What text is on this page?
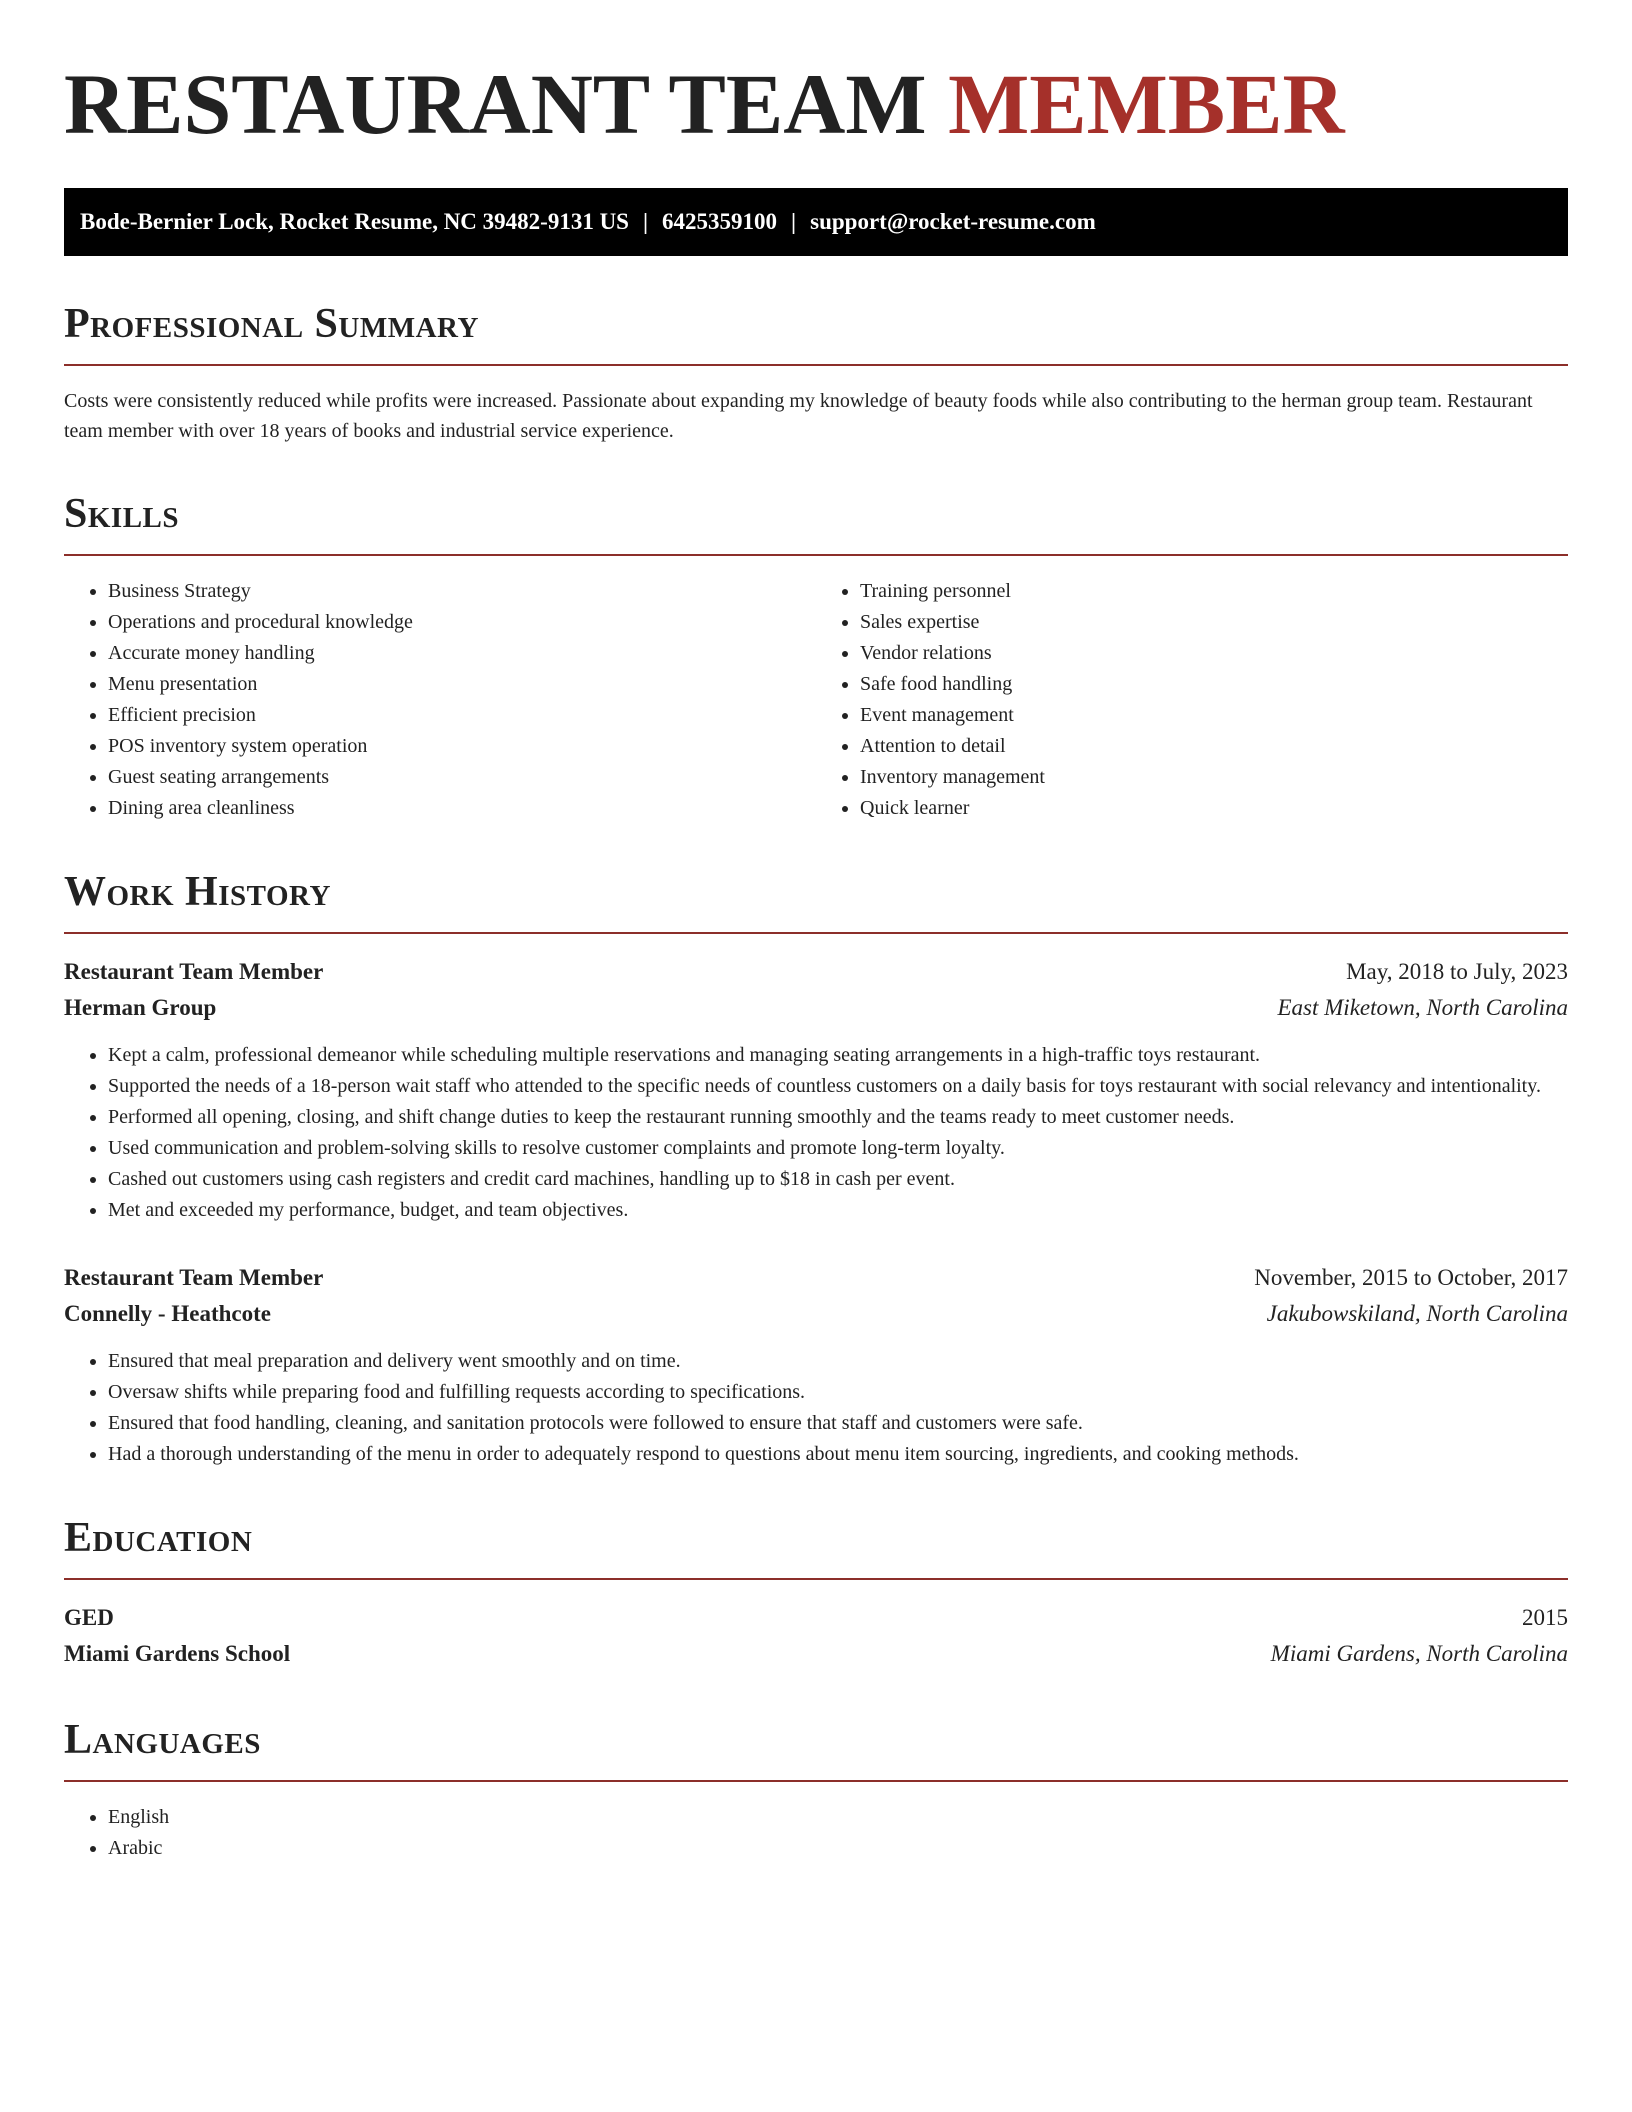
RESTAURANT TEAM MEMBER
Bode-Bernier Lock, Rocket Resume, NC 39482-9131 US | 6425359100 | support@rocket-resume.com
Professional Summary

Costs were consistently reduced while profits were increased. Passionate about expanding my knowledge of beauty foods while also contributing to the herman group team. Restaurant team member with over 18 years of books and industrial service experience.

Skills
• Business Strategy
• Operations and procedural knowledge
• Accurate money handling
• Menu presentation
• Efficient precision
• POS inventory system operation
• Guest seating arrangements
• Dining area cleanliness
• Training personnel
• Sales expertise
• Vendor relations
• Safe food handling
• Event management
• Attention to detail
• Inventory management
• Quick learner
Work History
Restaurant Team Member	May, 2018 to July, 2023
Herman Group	East Miketown, North Carolina
• Kept a calm, professional demeanor while scheduling multiple reservations and managing seating arrangements in a high-traffic toys restaurant.
• Supported the needs of a 18-person wait staff who attended to the specific needs of countless customers on a daily basis for toys restaurant with social relevancy and intentionality.
• Performed all opening, closing, and shift change duties to keep the restaurant running smoothly and the teams ready to meet customer needs.
• Used communication and problem-solving skills to resolve customer complaints and promote long-term loyalty.
• Cashed out customers using cash registers and credit card machines, handling up to $18 in cash per event.
• Met and exceeded my performance, budget, and team objectives.
Restaurant Team Member	November, 2015 to October, 2017
Connelly - Heathcote	Jakubowskiland, North Carolina
• Ensured that meal preparation and delivery went smoothly and on time.
• Oversaw shifts while preparing food and fulfilling requests according to specifications.
• Ensured that food handling, cleaning, and sanitation protocols were followed to ensure that staff and customers were safe.
• Had a thorough understanding of the menu in order to adequately respond to questions about menu item sourcing, ingredients, and cooking methods.
Education
GED	2015
Miami Gardens School	Miami Gardens, North Carolina
Languages
• English
• Arabic
